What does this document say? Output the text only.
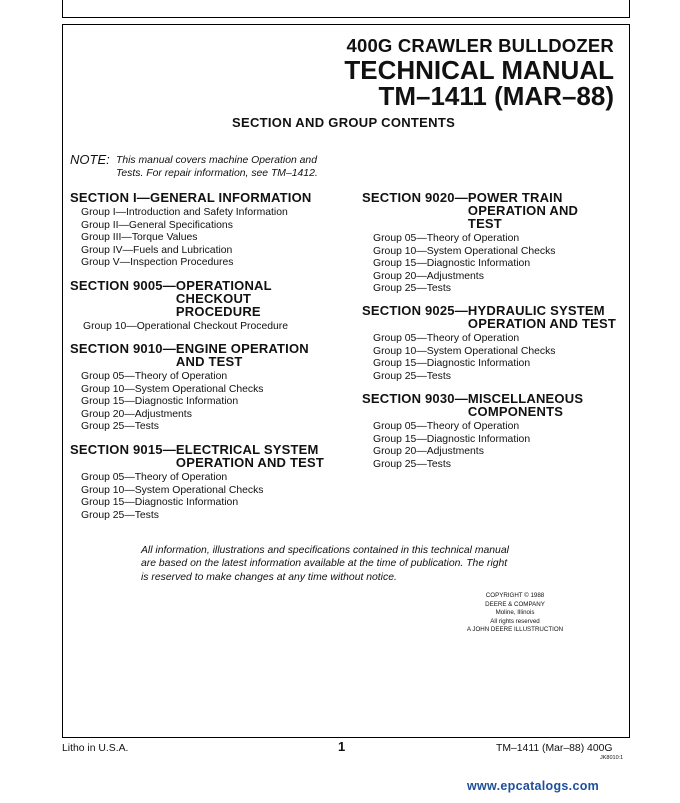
400G CRAWLER BULLDOZER
TECHNICAL MANUAL
TM–1411 (MAR–88)
SECTION AND GROUP CONTENTS
NOTE: This manual covers machine Operation and
Tests. For repair information, see TM–1412.
SECTION I— GENERAL INFORMATION
Group I—Introduction and Safety Information
Group II—General Specifications
Group III—Torque Values
Group IV—Fuels and Lubrication
Group V—Inspection Procedures
SECTION 9005— OPERATIONAL
CHECKOUT
PROCEDURE
Group 10—Operational Checkout Procedure
SECTION 9010— ENGINE OPERATION
AND TEST
Group 05—Theory of Operation
Group 10—System Operational Checks
Group 15—Diagnostic Information
Group 20—Adjustments
Group 25—Tests
SECTION 9015— ELECTRICAL SYSTEM
OPERATION AND TEST
Group 05—Theory of Operation
Group 10—System Operational Checks
Group 15—Diagnostic Information
Group 25—Tests
SECTION 9020— POWER TRAIN
OPERATION AND
TEST
Group 05—Theory of Operation
Group 10—System Operational Checks
Group 15—Diagnostic Information
Group 20—Adjustments
Group 25—Tests
SECTION 9025— HYDRAULIC SYSTEM
OPERATION AND TEST
Group 05—Theory of Operation
Group 10—System Operational Checks
Group 15—Diagnostic Information
Group 25—Tests
SECTION 9030— MISCELLANEOUS
COMPONENTS
Group 05—Theory of Operation
Group 15—Diagnostic Information
Group 20—Adjustments
Group 25—Tests
All information, illustrations and specifications contained in this technical manual
are based on the latest information available at the time of publication. The right
is reserved to make changes at any time without notice.
COPYRIGHT © 1988
DEERE & COMPANY
Moline, Illinois
All rights reserved
A JOHN DEERE ILLUSTRUCTION
Litho in U.S.A.	1	TM–1411 (Mar–88) 400G
JK8010:1
www.epcatalogs.com
